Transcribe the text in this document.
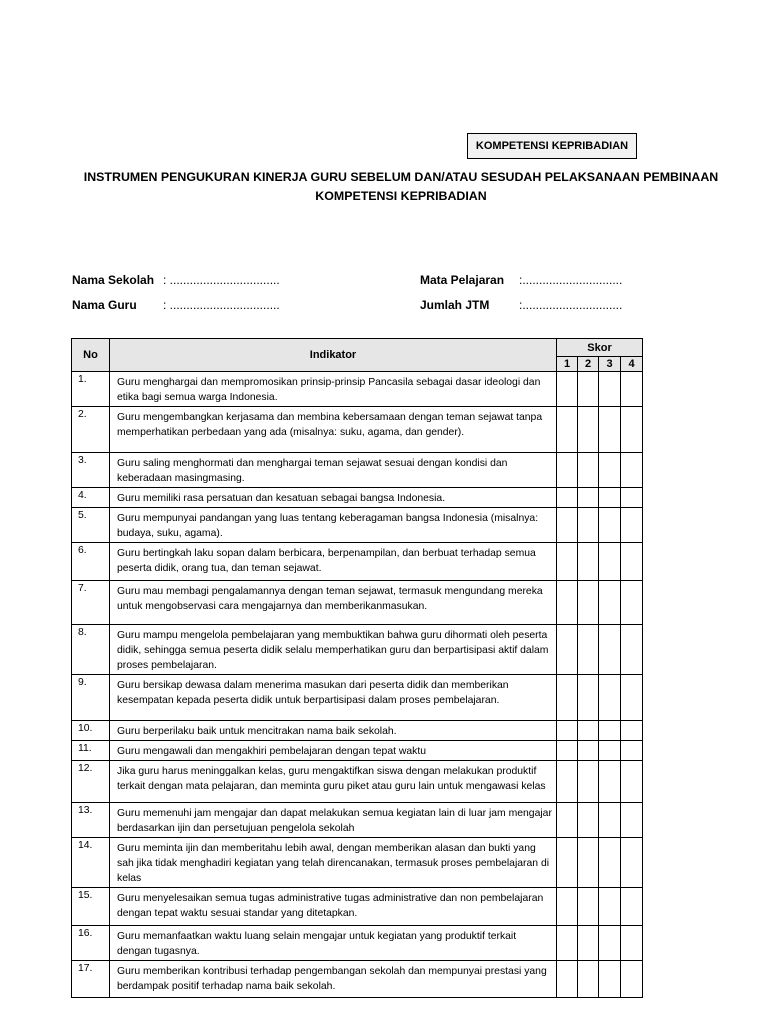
KOMPETENSI KEPRIBADIAN
INSTRUMEN PENGUKURAN KINERJA GURU SEBELUM DAN/ATAU SESUDAH PELAKSANAAN PEMBINAAN
KOMPETENSI KEPRIBADIAN
Nama Sekolah : .................................
Nama Guru : .................................
Mata Pelajaran :..............................
Jumlah JTM :..............................
No	Indikator	Skor			
		1	2	3	4
1.	Guru menghargai dan mempromosikan prinsip-prinsip Pancasila sebagai dasar ideologi dan etika bagi semua warga Indonesia.				
2.	Guru mengembangkan kerjasama dan membina kebersamaan dengan teman sejawat tanpa memperhatikan perbedaan yang ada (misalnya: suku, agama, dan gender).				
3.	Guru saling menghormati dan menghargai teman sejawat sesuai dengan kondisi dan keberadaan masingmasing.				
4.	Guru memiliki rasa persatuan dan kesatuan sebagai bangsa Indonesia.				
5.	Guru mempunyai pandangan yang luas tentang keberagaman bangsa Indonesia (misalnya: budaya, suku, agama).				
6.	Guru bertingkah laku sopan dalam berbicara, berpenampilan, dan berbuat terhadap semua peserta didik, orang tua, dan teman sejawat.				
7.	Guru mau membagi pengalamannya dengan teman sejawat, termasuk mengundang mereka untuk mengobservasi cara mengajarnya dan memberikanmasukan.				
8.	Guru mampu mengelola pembelajaran yang membuktikan bahwa guru dihormati oleh peserta didik, sehingga semua peserta didik selalu memperhatikan guru dan berpartisipasi aktif dalam proses pembelajaran.				
9.	Guru bersikap dewasa dalam menerima masukan dari peserta didik dan memberikan kesempatan kepada peserta didik untuk berpartisipasi dalam proses pembelajaran.				
10.	Guru berperilaku baik untuk mencitrakan nama baik sekolah.				
11.	Guru mengawali dan mengakhiri pembelajaran dengan tepat waktu				
12.	Jika guru harus meninggalkan kelas, guru mengaktifkan siswa dengan melakukan produktif terkait dengan mata pelajaran, dan meminta guru piket atau guru lain untuk mengawasi kelas				
13.	Guru memenuhi jam mengajar dan dapat melakukan semua kegiatan lain di luar jam mengajar berdasarkan ijin dan persetujuan pengelola sekolah				
14.	Guru meminta ijin dan memberitahu lebih awal, dengan memberikan alasan dan bukti yang sah jika tidak menghadiri kegiatan yang telah direncanakan, termasuk proses pembelajaran di kelas				
15.	Guru menyelesaikan semua tugas administrative tugas administrative dan non pembelajaran dengan tepat waktu sesuai standar yang ditetapkan.				
16.	Guru memanfaatkan waktu luang selain mengajar untuk kegiatan yang produktif terkait dengan tugasnya.				
17.	Guru memberikan kontribusi terhadap pengembangan sekolah dan mempunyai prestasi yang berdampak positif terhadap nama baik sekolah.				
